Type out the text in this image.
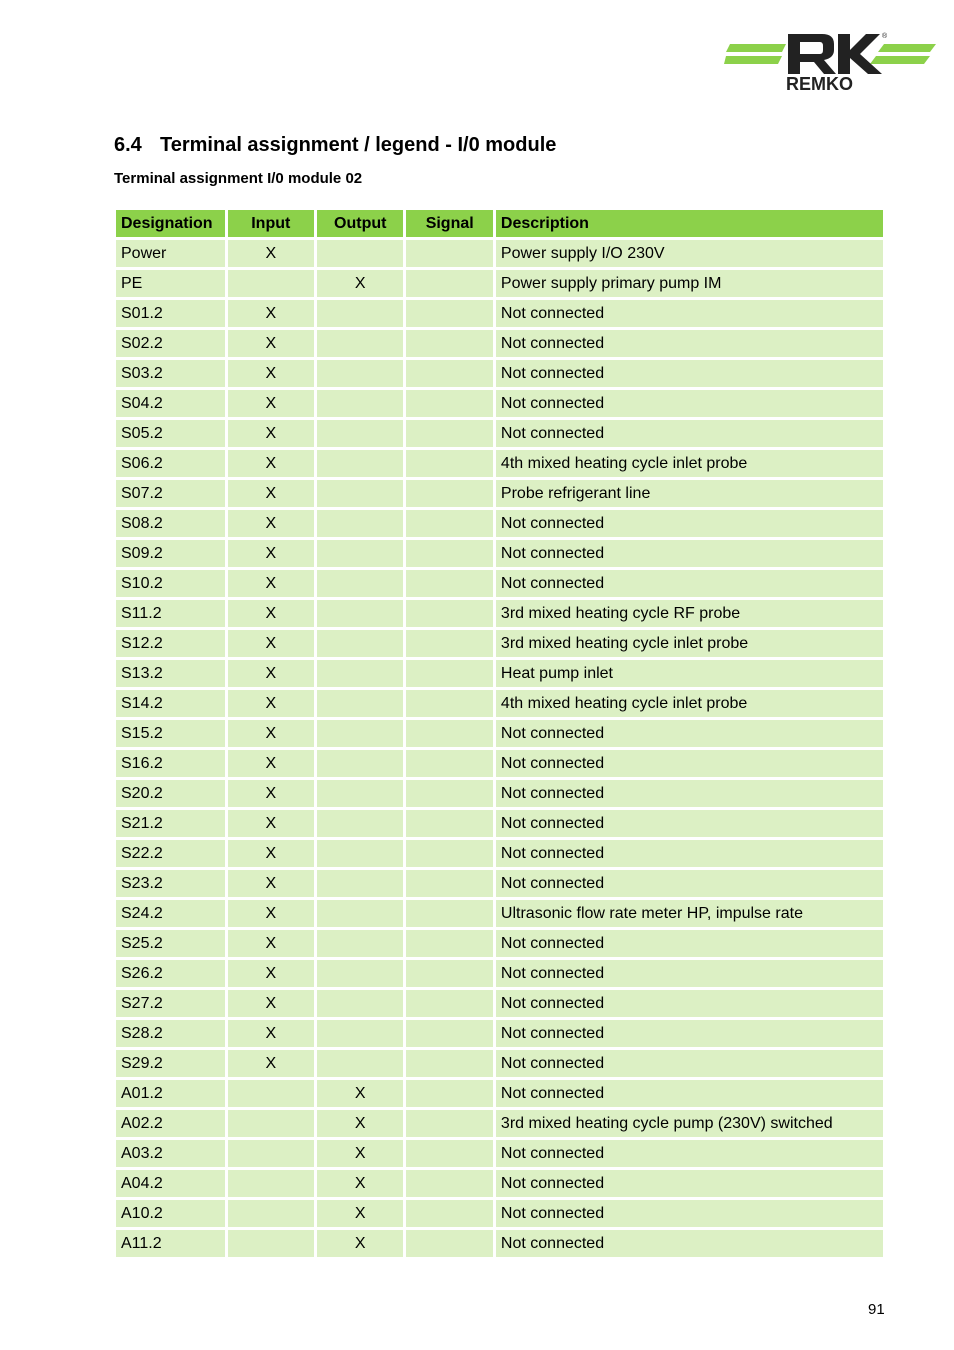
REMKO
®
6.4 Terminal assignment / legend - I/0 module
Terminal assignment I/0 module 02
Designation	Input	Output	Signal	Description
Power	X			Power supply I/O 230V
PE		X		Power supply primary pump IM
S01.2	X			Not connected
S02.2	X			Not connected
S03.2	X			Not connected
S04.2	X			Not connected
S05.2	X			Not connected
S06.2	X			4th mixed heating cycle inlet probe
S07.2	X			Probe refrigerant line
S08.2	X			Not connected
S09.2	X			Not connected
S10.2	X			Not connected
S11.2	X			3rd mixed heating cycle RF probe
S12.2	X			3rd mixed heating cycle inlet probe
S13.2	X			Heat pump inlet
S14.2	X			4th mixed heating cycle inlet probe
S15.2	X			Not connected
S16.2	X			Not connected
S20.2	X			Not connected
S21.2	X			Not connected
S22.2	X			Not connected
S23.2	X			Not connected
S24.2	X			Ultrasonic flow rate meter HP, impulse rate
S25.2	X			Not connected
S26.2	X			Not connected
S27.2	X			Not connected
S28.2	X			Not connected
S29.2	X			Not connected
A01.2		X		Not connected
A02.2		X		3rd mixed heating cycle pump (230V) switched
A03.2		X		Not connected
A04.2		X		Not connected
A10.2		X		Not connected
A11.2		X		Not connected
91
